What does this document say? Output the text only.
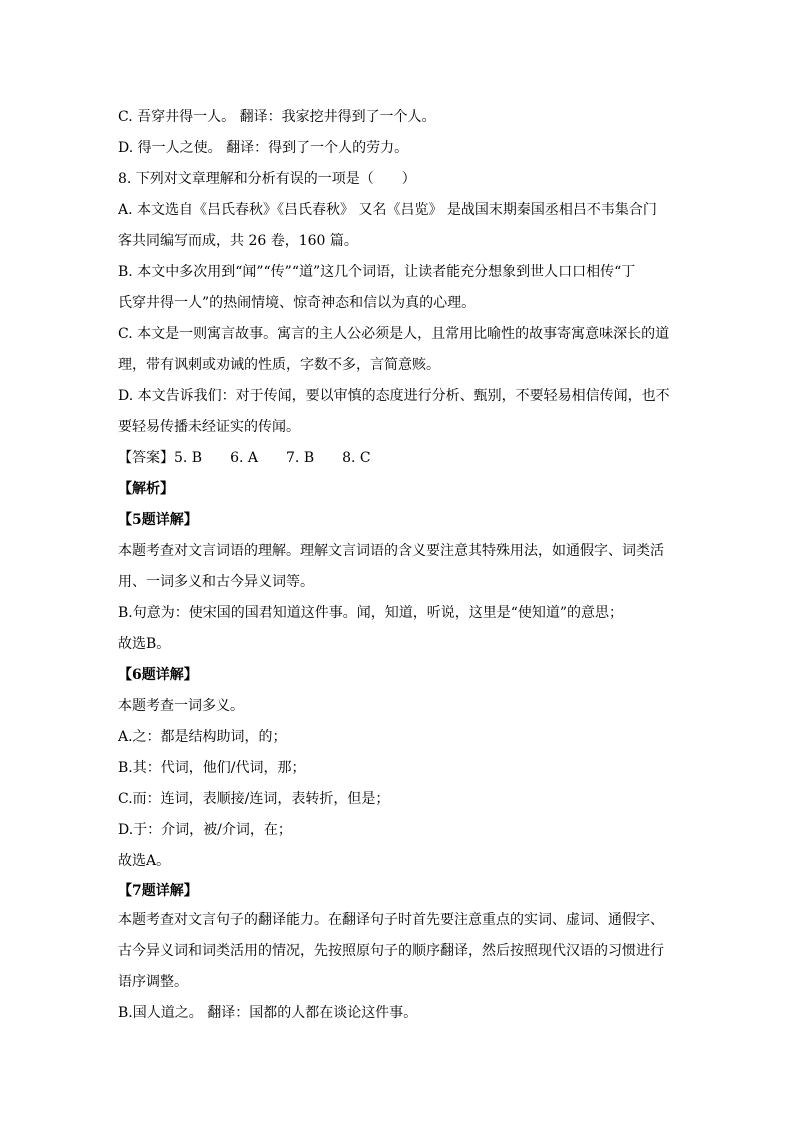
C. 吾穿井得一人。 翻译：我家挖井得到了一个人。
D. 得一人之使。 翻译：得到了一个人的劳力。
8. 下列对文章理解和分析有误的一项是（　　）
A. 本文选自《吕氏春秋》《吕氏春秋》 又名《吕览》 是战国末期秦国丞相吕不韦集合门
客共同编写而成，共 26 卷，160 篇。
B. 本文中多次用到“闻”“传”“道”这几个词语，让读者能充分想象到世人口口相传“丁
氏穿井得一人”的热闹情境、惊奇神态和信以为真的心理。
C. 本文是一则寓言故事。寓言的主人公必须是人，且常用比喻性的故事寄寓意味深长的道
理，带有讽刺或劝诫的性质，字数不多，言简意赅。
D. 本文告诉我们：对于传闻，要以审慎的态度进行分析、甄别，不要轻易相信传闻，也不
要轻易传播未经证实的传闻。
【答案】5. B　　6. A　　7. B　　8. C
【解析】
【5题详解】
本题考查对文言词语的理解。理解文言词语的含义要注意其特殊用法，如通假字、词类活
用、一词多义和古今异义词等。
B.句意为：使宋国的国君知道这件事。闻，知道，听说，这里是“使知道”的意思；
故选B。
【6题详解】
本题考查一词多义。
A.之：都是结构助词，的；
B.其：代词，他们/代词，那；
C.而：连词，表顺接/连词，表转折，但是；
D.于：介词，被/介词，在；
故选A。
【7题详解】
本题考查对文言句子的翻译能力。在翻译句子时首先要注意重点的实词、虚词、通假字、
古今异义词和词类活用的情况，先按照原句子的顺序翻译，然后按照现代汉语的习惯进行
语序调整。
B.国人道之。 翻译：国都的人都在谈论这件事。
